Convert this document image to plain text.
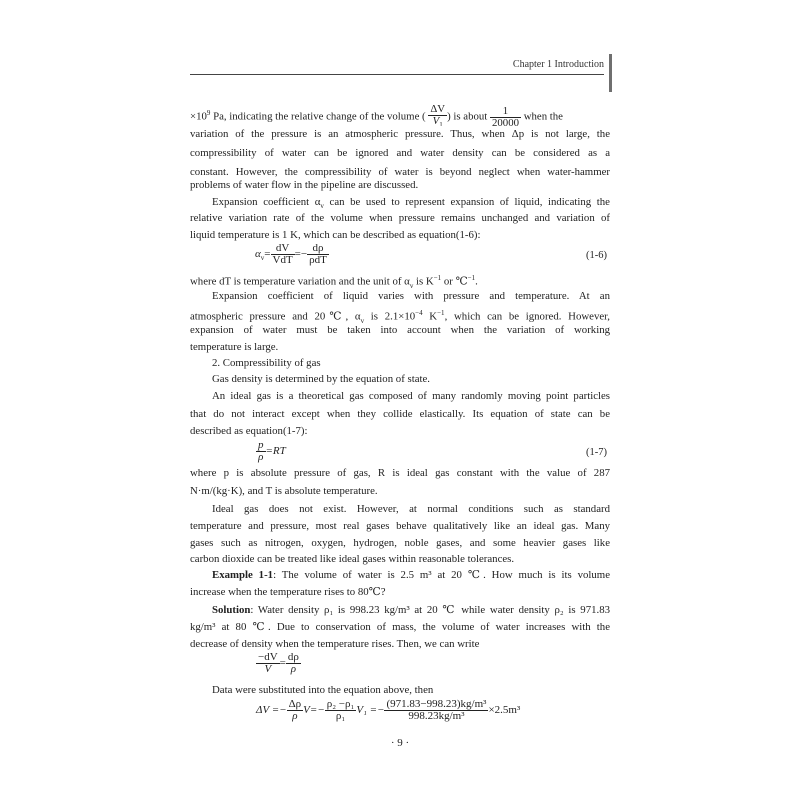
Chapter 1 Introduction
$\times 10^9$ Pa, indicating the relative change of the volume ( $\frac{\Delta V}{V_1}$ ) is about $\frac{1}{20000}$ when the
variation of the pressure is an atmospheric pressure. Thus, when Δp is not large, the
compressibility of water can be ignored and water density can be considered as a
constant. However, the compressibility of water is beyond neglect when water-hammer
problems of water flow in the pipeline are discussed.
Expansion coefficient $\alpha_v$ can be used to represent expansion of liquid, indicating the
relative variation rate of the volume when pressure remains unchanged and variation of
liquid temperature is 1 K, which can be described as equation(1-6):
$\alpha_v= \frac{dV}{\text{VdT}} =- \frac{d\rho}{\text{ρdT}}$	(1-6)
where dT is temperature variation and the unit of $\alpha_v$ is $K^{-1}$ or ℃$^{-1}$.
Expansion coefficient of liquid varies with pressure and temperature. At an
atmospheric pressure and 20℃, $\alpha_v$ is $2.1\times 10^{-4}$ $K^{-1}$, which can be ignored. However,
expansion of water must be taken into account when the variation of working
temperature is large.
2. Compressibility of gas
Gas density is determined by the equation of state.
An ideal gas is a theoretical gas composed of many randomly moving point particles
that do not interact except when they collide elastically. Its equation of state can be
described as equation(1-7):
$\frac{p}{\rho} =RT$	(1-7)
where p is absolute pressure of gas, R is ideal gas constant with the value of 287
N·m/(kg·K), and T is absolute temperature.
Ideal gas does not exist. However, at normal conditions such as standard
temperature and pressure, most real gases behave qualitatively like an ideal gas. Many
gases such as nitrogen, oxygen, hydrogen, noble gases, and some heavier gases like
carbon dioxide can be treated like ideal gases within reasonable tolerances.
Example 1-1: The volume of water is 2.5 m³ at 20 ℃. How much is its volume
increase when the temperature rises to 80℃?
Solution: Water density ρ₁ is 998.23 kg/m³ at 20 ℃ while water density ρ₂ is 971.83
kg/m³ at 80 ℃. Due to conservation of mass, the volume of water increases with the
decrease of density when the temperature rises. Then, we can write
$\frac{-dV}{V} = \frac{d\rho}{\rho}$
Data were substituted into the equation above, then
$\Delta V =- \frac{\Delta\rho}{\rho} V=- \frac{\text{ρ₂ −ρ₁}}{\text{ρ₁}} V_1 =- \frac{\text{(971.83−998.23)kg/m³}}{\text{998.23kg/m³}} \times 2.5m^3$
· 9 ·
